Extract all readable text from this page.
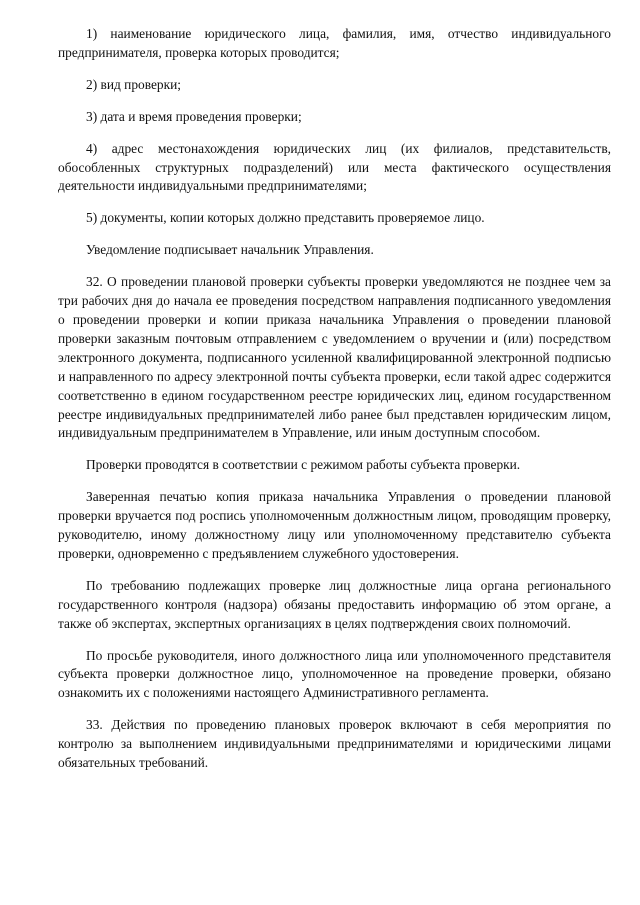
1) наименование юридического лица, фамилия, имя, отчество индивидуального предпринимателя, проверка которых проводится;

2) вид проверки;

3) дата и время проведения проверки;

4) адрес местонахождения юридических лиц (их филиалов, представительств, обособленных структурных подразделений) или места фактического осуществления деятельности индивидуальными предпринимателями;

5) документы, копии которых должно представить проверяемое лицо.

Уведомление подписывает начальник Управления.

32. О проведении плановой проверки субъекты проверки уведомляются не позднее чем за три рабочих дня до начала ее проведения посредством направления подписанного уведомления о проведении проверки и копии приказа начальника Управления о проведении плановой проверки заказным почтовым отправлением с уведомлением о вручении и (или) посредством электронного документа, подписанного усиленной квалифицированной электронной подписью и направленного по адресу электронной почты субъекта проверки, если такой адрес содержится соответственно в едином государственном реестре юридических лиц, едином государственном реестре индивидуальных предпринимателей либо ранее был представлен юридическим лицом, индивидуальным предпринимателем в Управление, или иным доступным способом.

Проверки проводятся в соответствии с режимом работы субъекта проверки.

Заверенная печатью копия приказа начальника Управления о проведении плановой проверки вручается под роспись уполномоченным должностным лицом, проводящим проверку, руководителю, иному должностному лицу или уполномоченному представителю субъекта проверки, одновременно с предъявлением служебного удостоверения.

По требованию подлежащих проверке лиц должностные лица органа регионального государственного контроля (надзора) обязаны предоставить информацию об этом органе, а также об экспертах, экспертных организациях в целях подтверждения своих полномочий.

По просьбе руководителя, иного должностного лица или уполномоченного представителя субъекта проверки должностное лицо, уполномоченное на проведение проверки, обязано ознакомить их с положениями настоящего Административного регламента.

33. Действия по проведению плановых проверок включают в себя мероприятия по контролю за выполнением индивидуальными предпринимателями и юридическими лицами обязательных требований.
